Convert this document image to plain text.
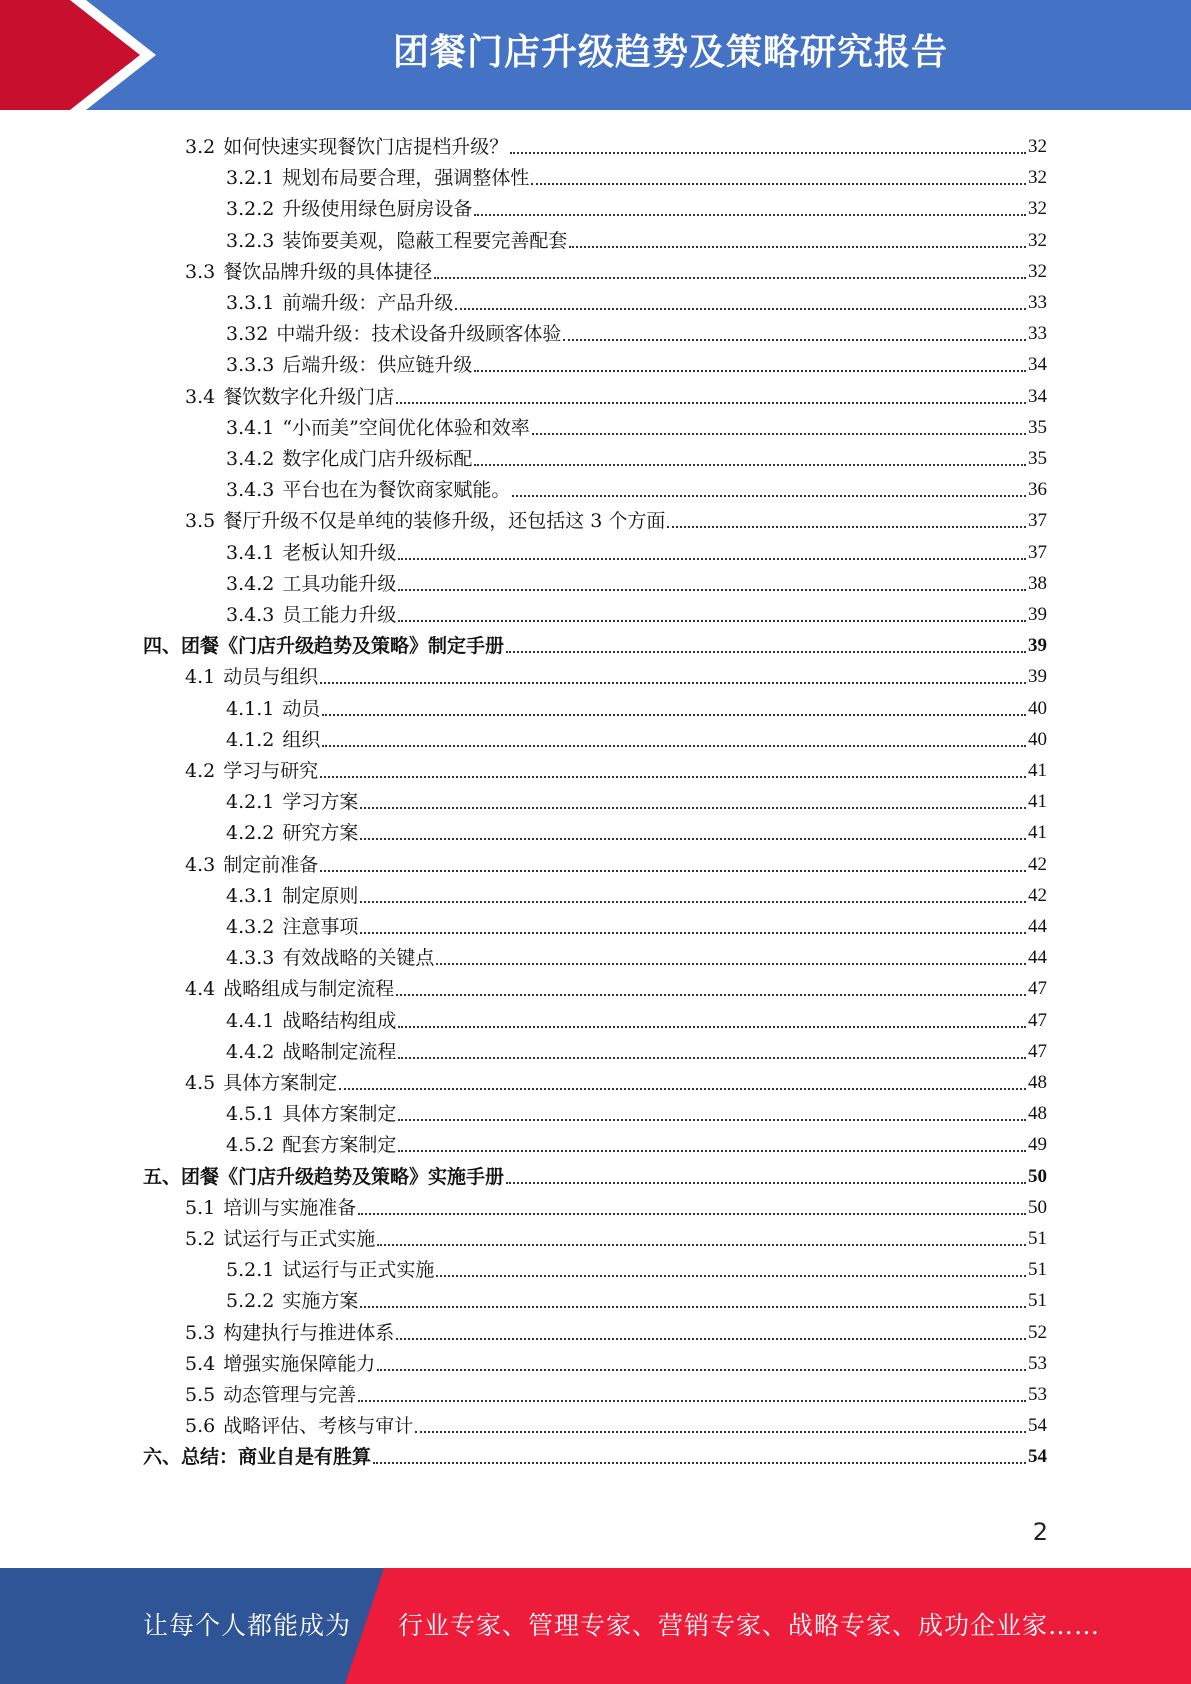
团餐门店升级趋势及策略研究报告
3.2 如何快速实现餐饮门店提档升级？	32
3.2.1 规划布局要合理，强调整体性	32
3.2.2 升级使用绿色厨房设备	32
3.2.3 装饰要美观，隐蔽工程要完善配套	32
3.3 餐饮品牌升级的具体捷径	32
3.3.1 前端升级：产品升级	33
3.32 中端升级：技术设备升级顾客体验	33
3.3.3 后端升级：供应链升级	34
3.4 餐饮数字化升级门店	34
3.4.1 “小而美”空间优化体验和效率	35
3.4.2 数字化成门店升级标配	35
3.4.3 平台也在为餐饮商家赋能。	36
3.5 餐厅升级不仅是单纯的装修升级，还包括这 3 个方面	37
3.4.1 老板认知升级	37
3.4.2 工具功能升级	38
3.4.3 员工能力升级	39
四、 团餐《门店升级趋势及策略》制定手册	39
4.1 动员与组织	39
4.1.1 动员	40
4.1.2 组织	40
4.2 学习与研究	41
4.2.1 学习方案	41
4.2.2 研究方案	41
4.3 制定前准备	42
4.3.1 制定原则	42
4.3.2 注意事项	44
4.3.3 有效战略的关键点	44
4.4 战略组成与制定流程	47
4.4.1 战略结构组成	47
4.4.2 战略制定流程	47
4.5 具体方案制定	48
4.5.1 具体方案制定	48
4.5.2 配套方案制定	49
五、 团餐《门店升级趋势及策略》实施手册	50
5.1 培训与实施准备	50
5.2 试运行与正式实施	51
5.2.1 试运行与正式实施	51
5.2.2 实施方案	51
5.3 构建执行与推进体系	52
5.4 增强实施保障能力	53
5.5 动态管理与完善	53
5.6 战略评估、考核与审计	54
六、 总结：商业自是有胜算	54
2
让每个人都能成为 行业专家、管理专家、营销专家、战略专家、成功企业家……
